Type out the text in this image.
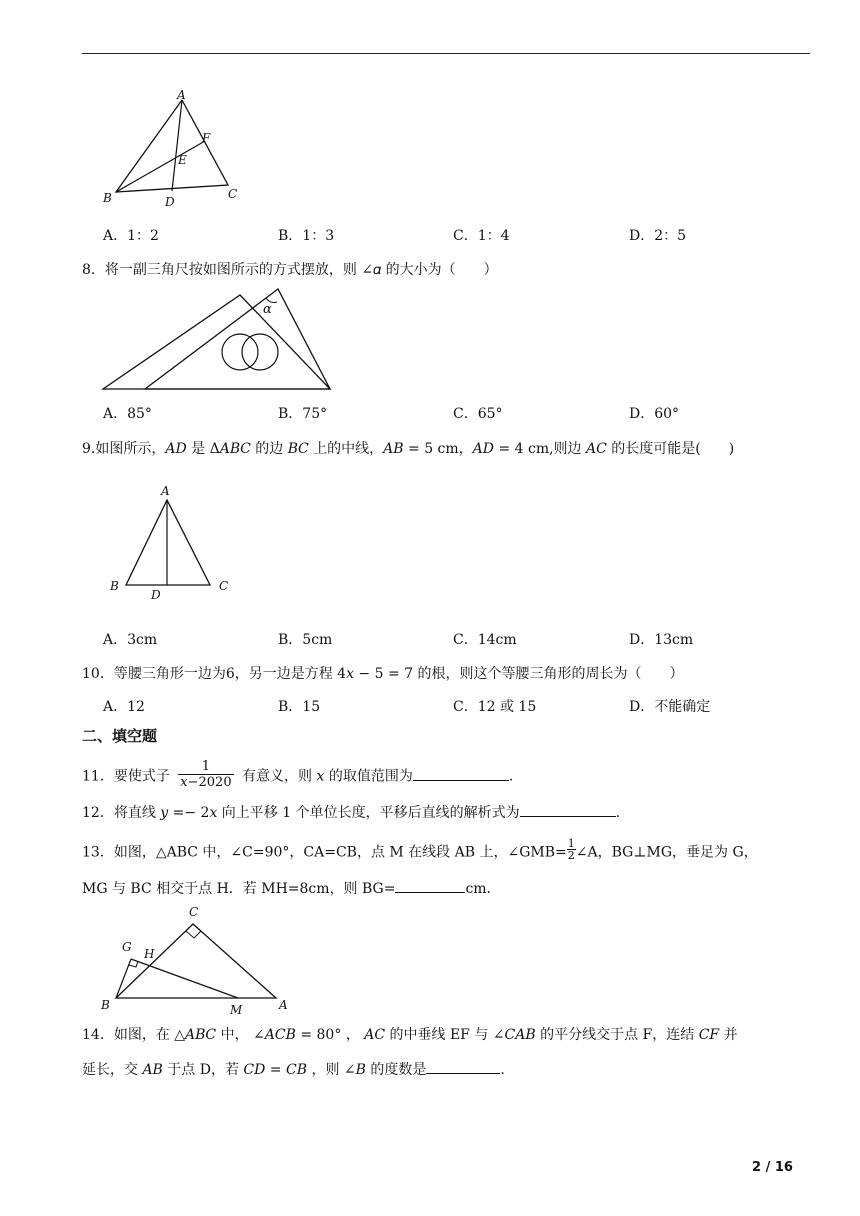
A
F
E
B	D
C
A．1：2	B．1：3	C．1：4	D．2：5
8．将一副三角尺按如图所示的方式摆放，则 ∠𝛼 的大小为（　　）
α
A．85°	B．75°	C．65°	D．60°
9.如图所示，𝐴𝐷 是 Δ𝐴𝐵𝐶 的边 𝐵𝐶 上的中线，𝐴𝐵 = 5 cm，𝐴𝐷 = 4 cm,则边 𝐴𝐶 的长度可能是(　　)
A
B
D
C
A．3cm	B．5cm	C．14cm	D．13cm
10．等腰三角形一边为6，另一边是方程 4𝑥 − 5 = 7 的根，则这个等腰三角形的周长为（　　）
A．12	B．15	C．12 或 15	D．不能确定
二、填空题
11．要使式子
1
𝑥−2020 有意义，则 𝑥 的取值范围为	.
12．将直线 𝑦 =− 2𝑥 向上平移 1 个单位长度，平移后直线的解析式为	.
13．如图，△ABC 中，∠C=90°，CA=CB，点 M 在线段 AB 上，∠GMB= $\frac{1}{2}$ ∠A，BG⊥MG，垂足为 G，
MG 与 BC 相交于点 H．若 MH=8cm，则 BG=	cm．
C
G H
B	M	A
14．如图，在 △𝐴𝐵𝐶 中， ∠𝐴𝐶𝐵 = 80° ， 𝐴𝐶 的中垂线 EF 与 ∠𝐶𝐴𝐵 的平分线交于点 F，连结 𝐶𝐹 并
延长，交 𝐴𝐵 于点 D，若 𝐶𝐷 = 𝐶𝐵 ，则 ∠𝐵 的度数是	.
2 / 16
